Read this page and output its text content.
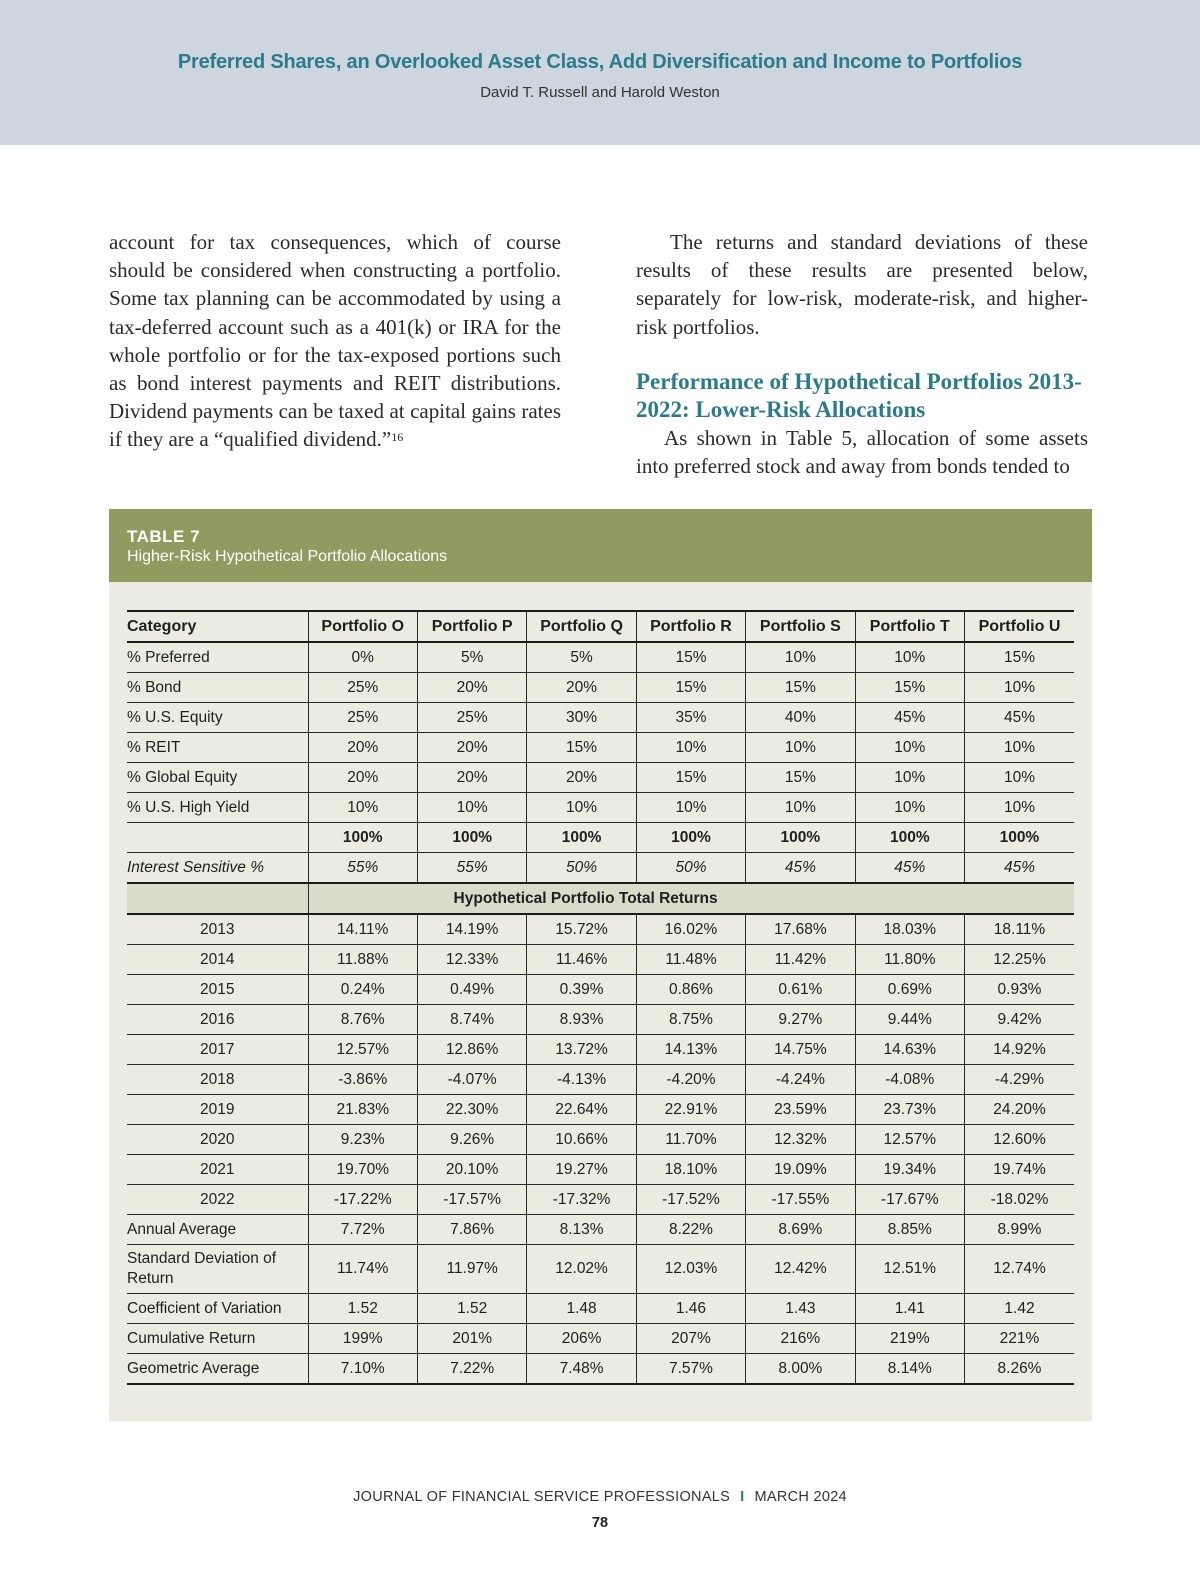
Preferred Shares, an Overlooked Asset Class, Add Diversification and Income to Portfolios
David T. Russell and Harold Weston

account for tax consequences, which of course should be considered when constructing a portfolio. Some tax planning can be accommodated by using a tax-deferred account such as a 401(k) or IRA for the whole portfolio or for the tax-exposed portions such as bond interest payments and REIT distributions. Dividend payments can be taxed at capital gains rates if they are a “qualified dividend.”$^{16}$

The returns and standard deviations of these results of these results are presented below, separately for low-risk, moderate-risk, and higher-risk portfolios.

Performance of Hypothetical Portfolios 2013-2022: Lower-Risk Allocations

As shown in Table 5, allocation of some assets into preferred stock and away from bonds tended to

TABLE 7
Higher-Risk Hypothetical Portfolio Allocations
Category	Portfolio O	Portfolio P	Portfolio Q	Portfolio R	Portfolio S	Portfolio T	Portfolio U
% Preferred	0%	5%	5%	15%	10%	10%	15%
% Bond	25%	20%	20%	15%	15%	15%	10%
% U.S. Equity	25%	25%	30%	35%	40%	45%	45%
% REIT	20%	20%	15%	10%	10%	10%	10%
% Global Equity	20%	20%	20%	15%	15%	10%	10%
% U.S. High Yield	10%	10%	10%	10%	10%	10%	10%
	100%	100%	100%	100%	100%	100%	100%
Interest Sensitive %	55%	55%	50%	50%	45%	45%	45%
	Hypothetical Portfolio Total Returns						
2013	14.11%	14.19%	15.72%	16.02%	17.68%	18.03%	18.11%
2014	11.88%	12.33%	11.46%	11.48%	11.42%	11.80%	12.25%
2015	0.24%	0.49%	0.39%	0.86%	0.61%	0.69%	0.93%
2016	8.76%	8.74%	8.93%	8.75%	9.27%	9.44%	9.42%
2017	12.57%	12.86%	13.72%	14.13%	14.75%	14.63%	14.92%
2018	-3.86%	-4.07%	-4.13%	-4.20%	-4.24%	-4.08%	-4.29%
2019	21.83%	22.30%	22.64%	22.91%	23.59%	23.73%	24.20%
2020	9.23%	9.26%	10.66%	11.70%	12.32%	12.57%	12.60%
2021	19.70%	20.10%	19.27%	18.10%	19.09%	19.34%	19.74%
2022	-17.22%	-17.57%	-17.32%	-17.52%	-17.55%	-17.67%	-18.02%
Annual Average	7.72%	7.86%	8.13%	8.22%	8.69%	8.85%	8.99%
Standard Deviation of Return	11.74%	11.97%	12.02%	12.03%	12.42%	12.51%	12.74%
Coefficient of Variation	1.52	1.52	1.48	1.46	1.43	1.41	1.42
Cumulative Return	199%	201%	206%	207%	216%	219%	221%
Geometric Average	7.10%	7.22%	7.48%	7.57%	8.00%	8.14%	8.26%
JOURNAL OF FINANCIAL SERVICE PROFESSIONALS I MARCH 2024
78
